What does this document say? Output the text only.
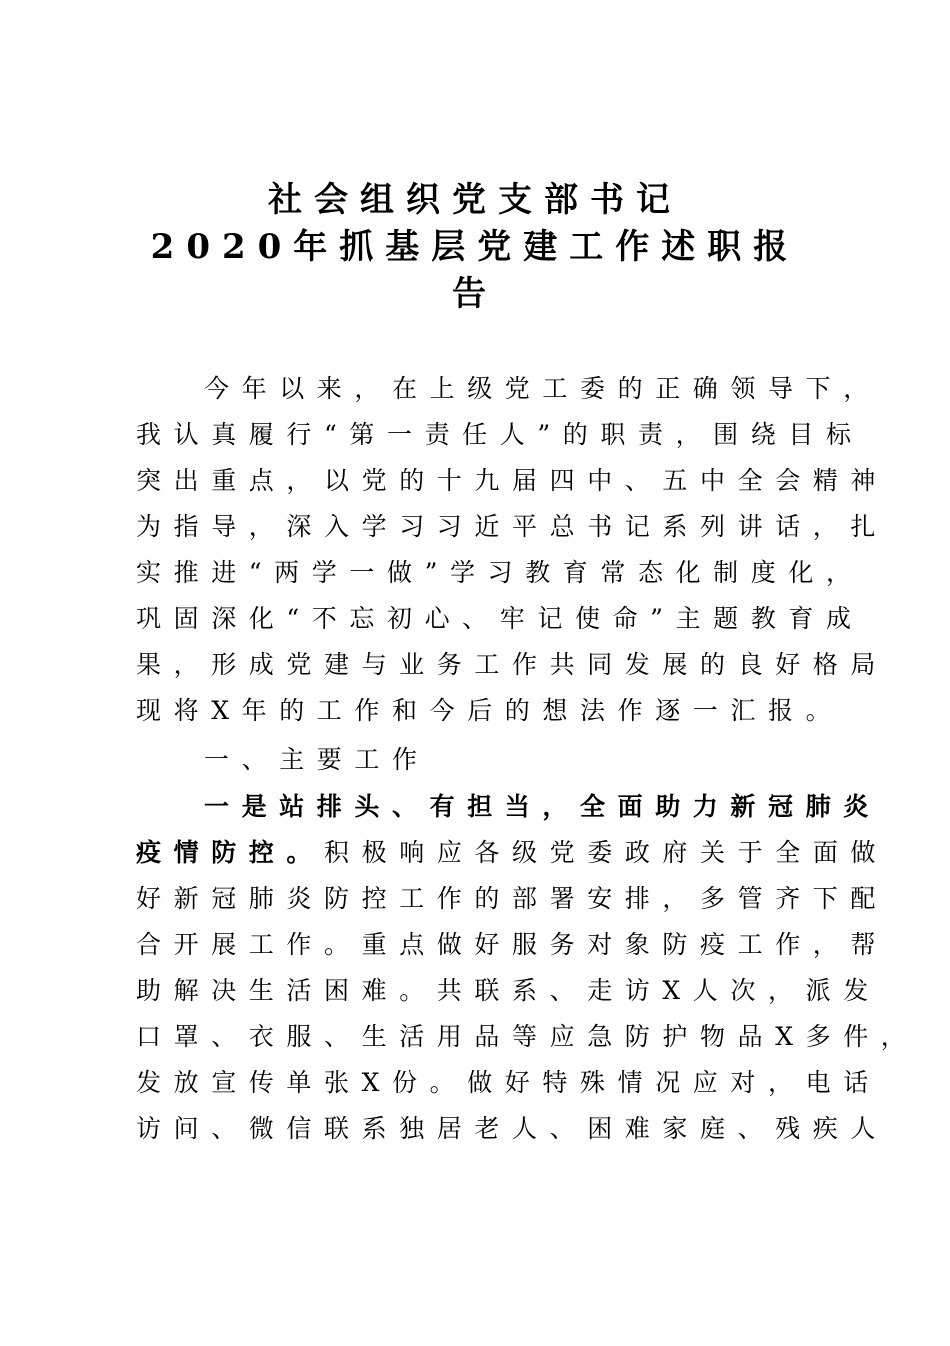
社会组织党支部书记
2020年抓基层党建工作述职报
告
今年以来，在上级党工委的正确领导下，
我认真履行“第一责任人”的职责，围绕目标
突出重点，以党的十九届四中、五中全会精神
为指导，深入学习习近平总书记系列讲话，扎
实推进“两学一做”学习教育常态化制度化，
巩固深化“不忘初心、牢记使命”主题教育成
果，形成党建与业务工作共同发展的良好格局
现将X年的工作和今后的想法作逐一汇报。
一、主要工作
一是站排头、有担当，全面助力新冠肺炎
疫情防控。积极响应各级党委政府关于全面做
好新冠肺炎防控工作的部署安排，多管齐下配
合开展工作。重点做好服务对象防疫工作，帮
助解决生活困难。共联系、走访X人次，派发
口罩、衣服、生活用品等应急防护物品X多件，
发放宣传单张X份。做好特殊情况应对，电话
访问、微信联系独居老人、困难家庭、残疾人
